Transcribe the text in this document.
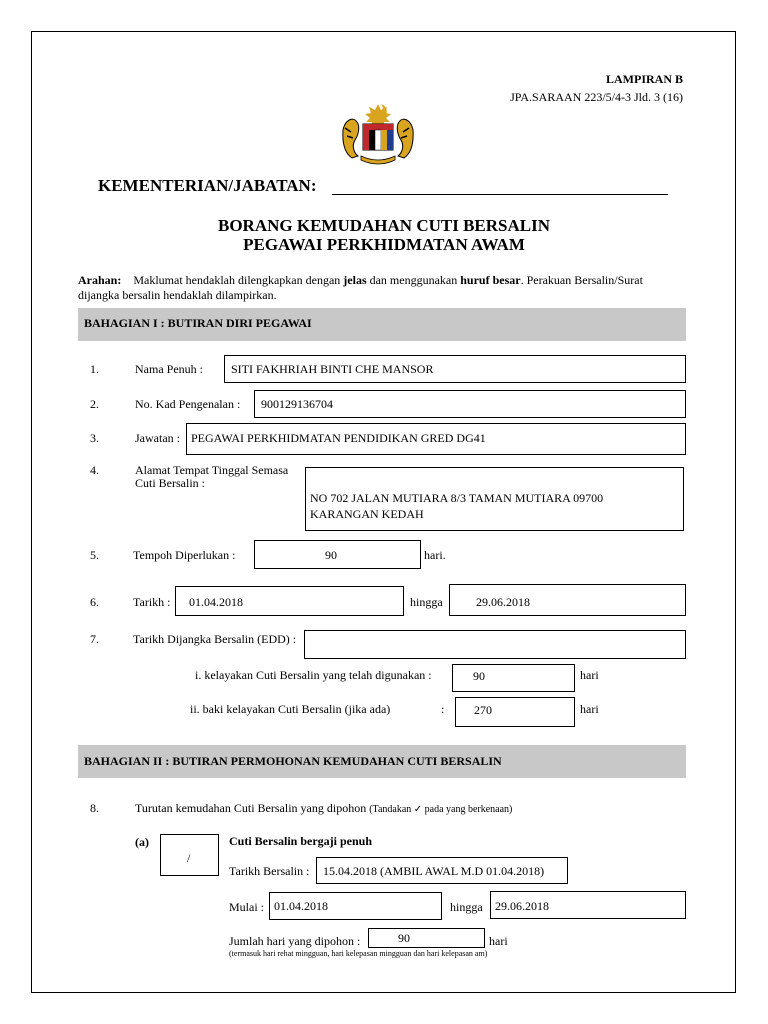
LAMPIRAN B
JPA.SARAAN 223/5/4-3 Jld. 3 (16)
KEMENTERIAN/JABATAN:
BORANG KEMUDAHAN CUTI BERSALIN
PEGAWAI PERKHIDMATAN AWAM
Arahan: Maklumat hendaklah dilengkapkan dengan jelas dan menggunakan huruf besar. Perakuan Bersalin/Surat
dijangka bersalin hendaklah dilampirkan.
BAHAGIAN I : BUTIRAN DIRI PEGAWAI
1.	Nama Penuh : SITI FAKHRIAH BINTI CHE MANSOR
2.	No. Kad Pengenalan : 900129136704
3.	Jawatan : PEGAWAI PERKHIDMATAN PENDIDIKAN GRED DG41
4.	Alamat Tempat Tinggal Semasa
Cuti Bersalin :
NO 702 JALAN MUTIARA 8/3 TAMAN MUTIARA 09700
KARANGAN KEDAH
5.	Tempoh Diperlukan :	90	hari.
6.	Tarikh : 01.04.2018	hingga	29.06.2018
7.	Tarikh Dijangka Bersalin (EDD) :
i. kelayakan Cuti Bersalin yang telah digunakan :	90	hari
ii. baki kelayakan Cuti Bersalin (jika ada)	: 270	hari
BAHAGIAN II : BUTIRAN PERMOHONAN KEMUDAHAN CUTI BERSALIN
8.	Turutan kemudahan Cuti Bersalin yang dipohon (Tandakan ✓ pada yang berkenaan)
(a)
/
Cuti Bersalin bergaji penuh
Tarikh Bersalin : 15.04.2018 (AMBIL AWAL M.D 01.04.2018)
Mulai : 01.04.2018	hingga 29.06.2018
Jumlah hari yang dipohon :	90	hari
(termasuk hari rehat mingguan, hari kelepasan mingguan dan hari kelepasan am)
